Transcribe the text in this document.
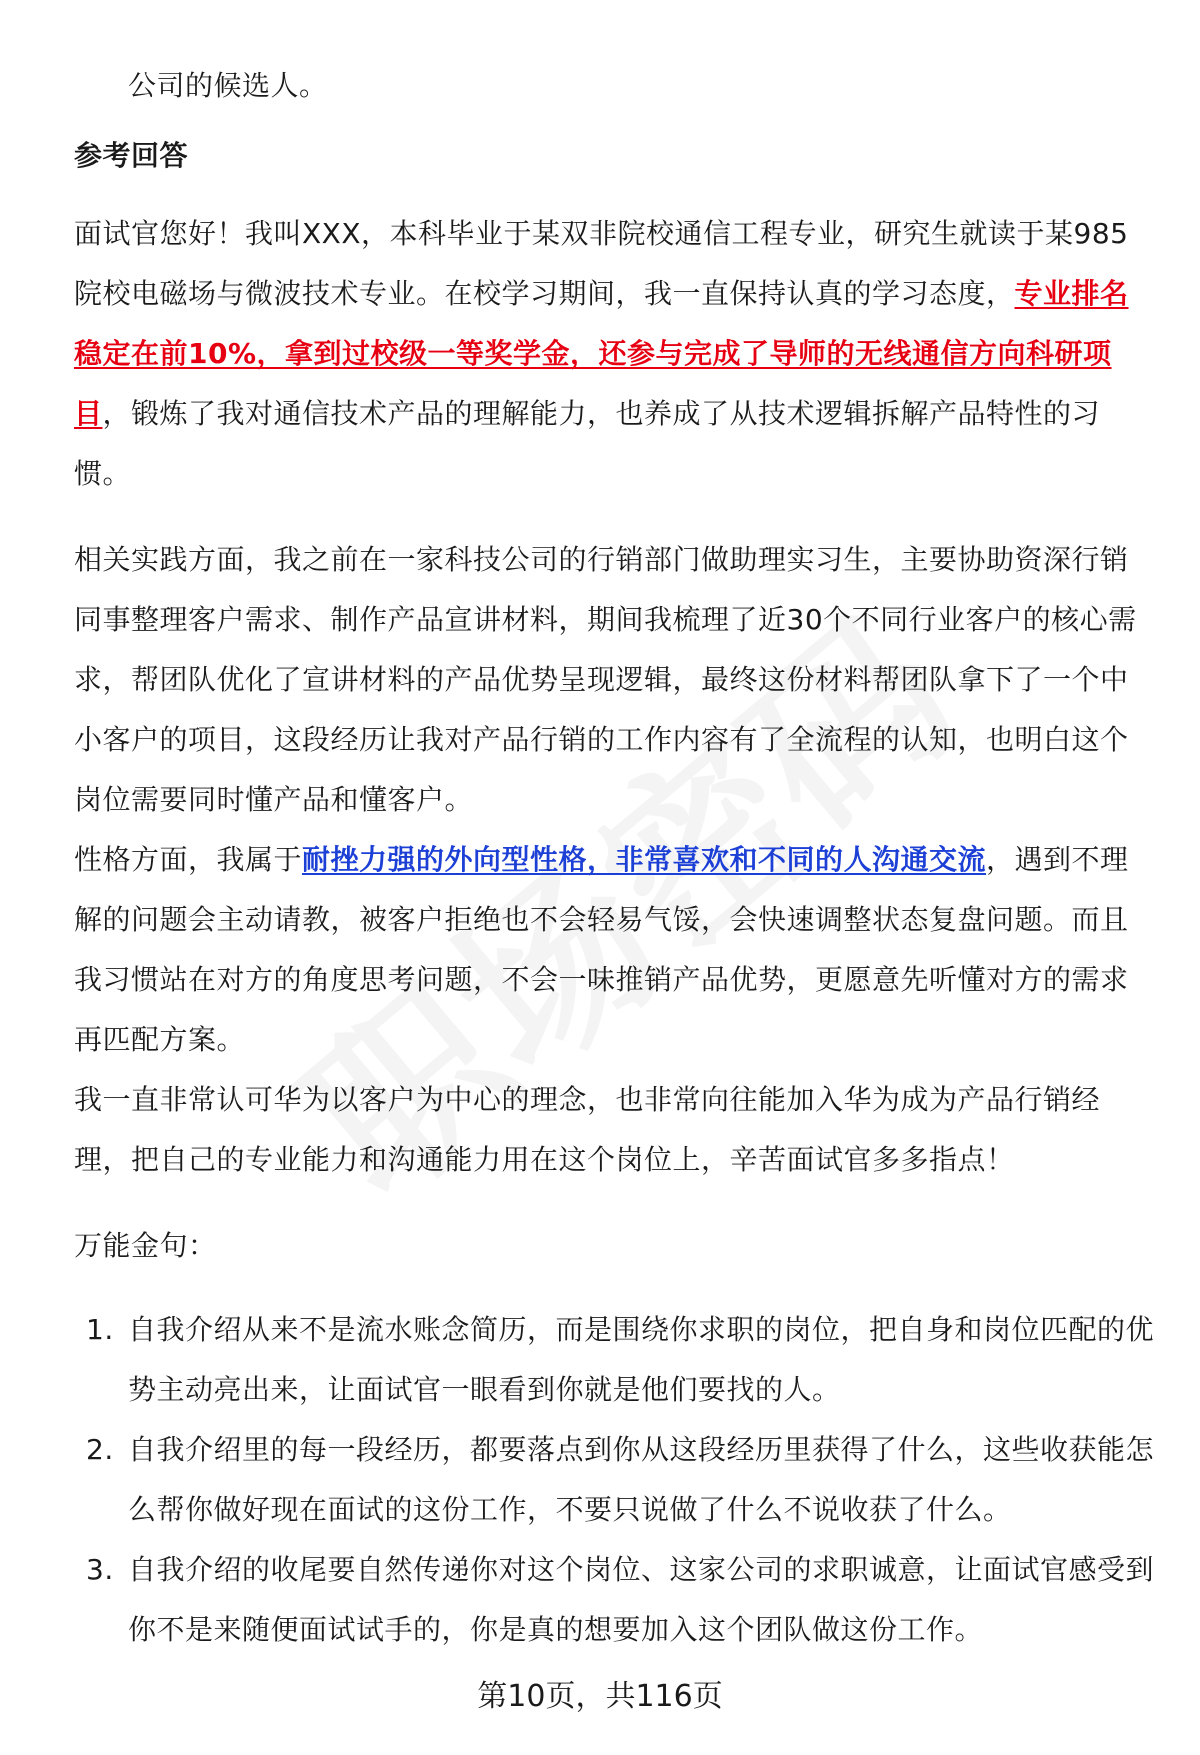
公司的候选人。

参考回答

面试官您好！我叫XXX，本科毕业于某双非院校通信工程专业，研究生就读于某985院校电磁场与微波技术专业。在校学习期间，我一直保持认真的学习态度，专业排名稳定在前10%，拿到过校级一等奖学金，还参与完成了导师的无线通信方向科研项目，锻炼了我对通信技术产品的理解能力，也养成了从技术逻辑拆解产品特性的习惯。

相关实践方面，我之前在一家科技公司的行销部门做助理实习生，主要协助资深行销同事整理客户需求、制作产品宣讲材料，期间我梳理了近30个不同行业客户的核心需求，帮团队优化了宣讲材料的产品优势呈现逻辑，最终这份材料帮团队拿下了一个中小客户的项目，这段经历让我对产品行销的工作内容有了全流程的认知，也明白这个岗位需要同时懂产品和懂客户。

性格方面，我属于耐挫力强的外向型性格，非常喜欢和不同的人沟通交流，遇到不理解的问题会主动请教，被客户拒绝也不会轻易气馁，会快速调整状态复盘问题。而且我习惯站在对方的角度思考问题，不会一味推销产品优势，更愿意先听懂对方的需求再匹配方案。

我一直非常认可华为以客户为中心的理念，也非常向往能加入华为成为产品行销经理，把自己的专业能力和沟通能力用在这个岗位上，辛苦面试官多多指点！

万能金句：

1. 自我介绍从来不是流水账念简历，而是围绕你求职的岗位，把自身和岗位匹配的优势主动亮出来，让面试官一眼看到你就是他们要找的人。
2. 自我介绍里的每一段经历，都要落点到你从这段经历里获得了什么，这些收获能怎么帮你做好现在面试的这份工作，不要只说做了什么不说收获了什么。
3. 自我介绍的收尾要自然传递你对这个岗位、这家公司的求职诚意，让面试官感受到你不是来随便面试试手的，你是真的想要加入这个团队做这份工作。
第10页，共116页
